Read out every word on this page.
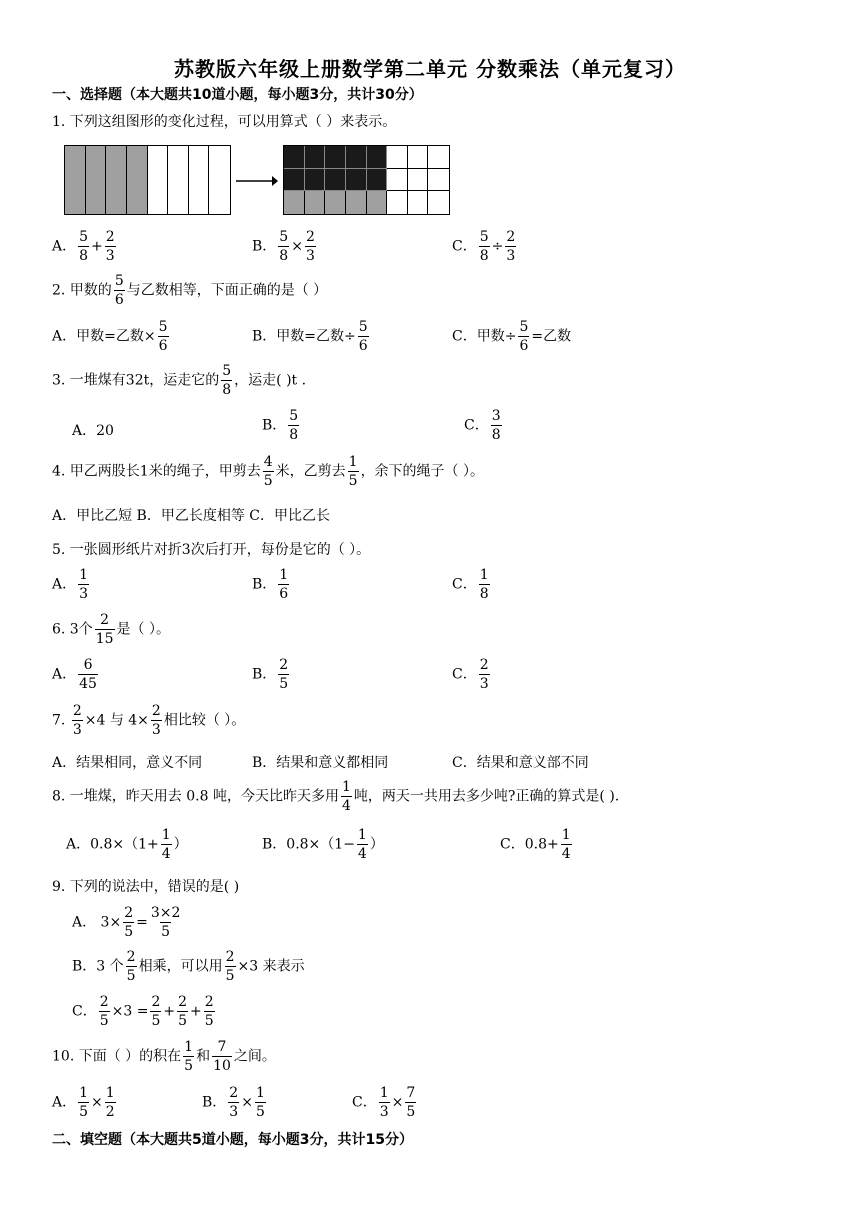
苏教版六年级上册数学第二单元 分数乘法（单元复习）
一、选择题（本大题共10道小题，每小题3分，共计30分）
1. 下列这组图形的变化过程，可以用算式（ ）来表示。
A． $\frac{5}{8} + \frac{2}{3}$	B． $\frac{5}{8} \times \frac{2}{3}$	C． $\frac{5}{8} \div \frac{2}{3}$
2. 甲数的 $\frac{5}{6}$ 与乙数相等，下面正确的是（ ）
A．甲数=乙数× $\frac{5}{6}$	B．甲数=乙数÷ $\frac{5}{6}$	C．甲数÷ $\frac{5}{6}$ =乙数
3. 一堆煤有32t，运走它的 $\frac{5}{8}$ ，运走( )t .
A．20	B． $\frac{5}{8}$	C． $\frac{3}{8}$
4. 甲乙两股长1米的绳子，甲剪去 $\frac{4}{5}$ 米，乙剪去 $\frac{1}{5}$ ，余下的绳子（ ）。
A．甲比乙短 B．甲乙长度相等 C．甲比乙长
5. 一张圆形纸片对折3次后打开，每份是它的（ ）。
A． $\frac{1}{3}$	B． $\frac{1}{6}$	C． $\frac{1}{8}$
6. 3个 $\frac{2}{15}$ 是（ ）。
A． $\frac{6}{45}$	B． $\frac{2}{5}$	C． $\frac{2}{3}$
7. $\frac{2}{3} \times 4$ 与 $4\times \frac{2}{3}$ 相比较（ ）。
A．结果相同，意义不同	B．结果和意义都相同	C．结果和意义部不同
8. 一堆煤，昨天用去 0.8 吨，今天比昨天多用 $\frac{1}{4}$ 吨，两天一共用去多少吨?正确的算式是( ).
A．$0.8\times(1+ \frac{1}{4}$ ）	B．$0.8\times(1- \frac{1}{4}$ ）	C．$0.8+ \frac{1}{4}$
9. 下列的说法中，错误的是( )
A． $3\times \frac{2}{5} = \frac{3\times 2}{5}$
B．3 个 $\frac{2}{5}$ 相乘，可以用 $\frac{2}{5} \times 3$ 来表示
C． $\frac{2}{5} \times 3 = \frac{2}{5} + \frac{2}{5} + \frac{2}{5}$
10. 下面（ ）的积在 $\frac{1}{5}$ 和 $\frac{7}{10}$ 之间。
A． $\frac{1}{5} \times \frac{1}{2}$	B． $\frac{2}{3} \times \frac{1}{5}$	C． $\frac{1}{3} \times \frac{7}{5}$
二、填空题（本大题共5道小题，每小题3分，共计15分）
